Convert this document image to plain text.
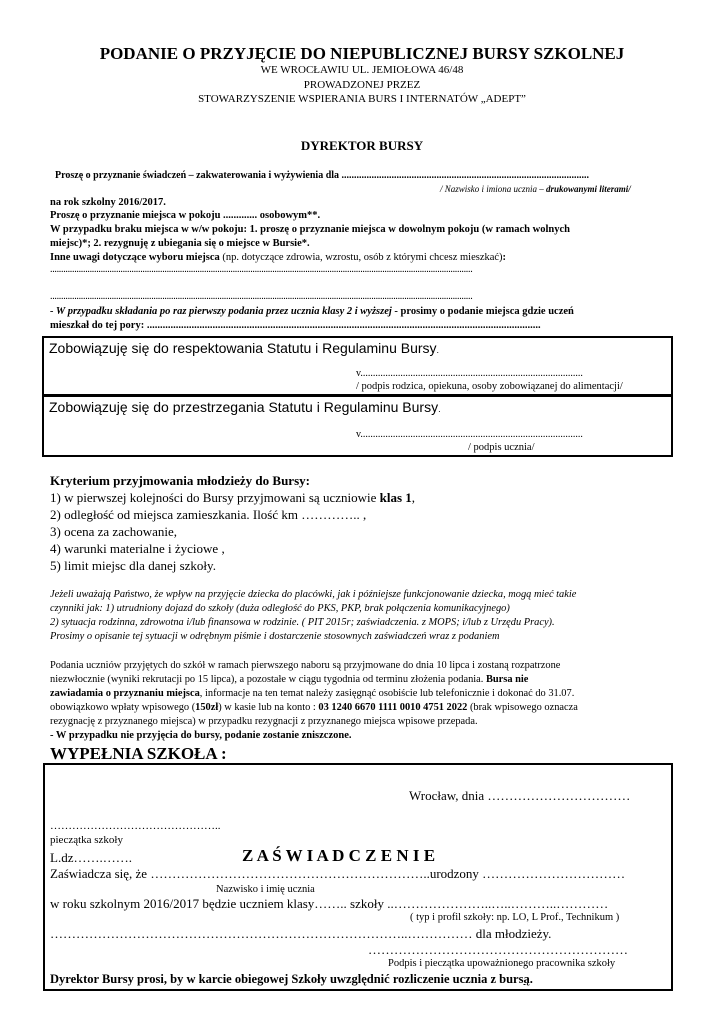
PODANIE O PRZYJĘCIE DO NIEPUBLICZNEJ BURSY SZKOLNEJ
WE WROCŁAWIU UL. JEMIOŁOWA 46/48
PROWADZONEJ PRZEZ
STOWARZYSZENIE WSPIERANIA BURS I INTERNATÓW „ADEPT”
DYREKTOR BURSY
Proszę o przyznanie świadczeń – zakwaterowania i wyżywienia dla ...................................................................................................
/ Nazwisko i imiona ucznia – drukowanymi literami/
na rok szkolny 2016/2017.
Proszę o przyznanie miejsca w pokoju ............. osobowym**.
W przypadku braku miejsca w w/w pokoju: 1. proszę o przyznanie miejsca w dowolnym pokoju (w ramach wolnych
miejsc)*; 2. rezygnuję z ubiegania się o miejsce w Bursie*.
Inne uwagi dotyczące wyboru miejsca (np. dotyczące zdrowia, wzrostu, osób z którymi chcesz mieszkać):
................................................................................................................................................................................................
................................................................................................................................................................................................
- W przypadku składania po raz pierwszy podania przez ucznia klasy 2 i wyższej - prosimy o podanie miejsca gdzie uczeń
mieszkał do tej pory: ......................................................................................................................................................
Zobowiązuję się do respektowania Statutu i Regulaminu Bursy.
v.........................................................................................
/ podpis rodzica, opiekuna, osoby zobowiązanej do alimentacji/
Zobowiązuję się do przestrzegania Statutu i Regulaminu Bursy.
v.........................................................................................
/ podpis ucznia/
Kryterium przyjmowania młodzieży do Bursy:
1) w pierwszej kolejności do Bursy przyjmowani są uczniowie klas 1,
2) odległość od miejsca zamieszkania. Ilość km ………….. ,
3) ocena za zachowanie,
4) warunki materialne i życiowe ,
5) limit miejsc dla danej szkoły.
Jeżeli uważają Państwo, że wpływ na przyjęcie dziecka do placówki, jak i późniejsze funkcjonowanie dziecka, mogą mieć takie
czynniki jak: 1) utrudniony dojazd do szkoły (duża odległość do PKS, PKP, brak połączenia komunikacyjnego)
2) sytuacja rodzinna, zdrowotna i/lub finansowa w rodzinie. ( PIT 2015r; zaświadczenia. z MOPS; i/lub z Urzędu Pracy).
Prosimy o opisanie tej sytuacji w odrębnym piśmie i dostarczenie stosownych zaświadczeń wraz z podaniem
Podania uczniów przyjętych do szkół w ramach pierwszego naboru są przyjmowane do dnia 10 lipca i zostaną rozpatrzone
niezwłocznie (wyniki rekrutacji po 15 lipca), a pozostałe w ciągu tygodnia od terminu złożenia podania. Bursa nie
zawiadamia o przyznaniu miejsca, informacje na ten temat należy zasięgnąć osobiście lub telefonicznie i dokonać do 31.07.
obowiązkowo wpłaty wpisowego (150zł) w kasie lub na konto : 03 1240 6670 1111 0010 4751 2022 (brak wpisowego oznacza
rezygnację z przyznanego miejsca) w przypadku rezygnacji z przyznanego miejsca wpisowe przepada.
- W przypadku nie przyjęcia do bursy, podanie zostanie zniszczone.
WYPEŁNIA SZKOŁA :
Wrocław, dnia ……………………………
………………………………………..
pieczątka szkoły
L.dz…….…….	Z A Ś W I A D C Z E N I E
Zaświadcza się, że ………………………………………………………..urodzony ……………………………
Nazwisko i imię ucznia
w roku szkolnym 2016/2017 będzie uczniem klasy…….. szkoły ..…………………..…..………..…………
( typ i profil szkoły: np. LO, L Prof., Technikum )
………………………………………………………………………..…………… dla młodzieży.
……………………………………………………
Podpis i pieczątka upoważnionego pracownika szkoły
Dyrektor Bursy prosi, by w karcie obiegowej Szkoły uwzględnić rozliczenie ucznia z bursą.
